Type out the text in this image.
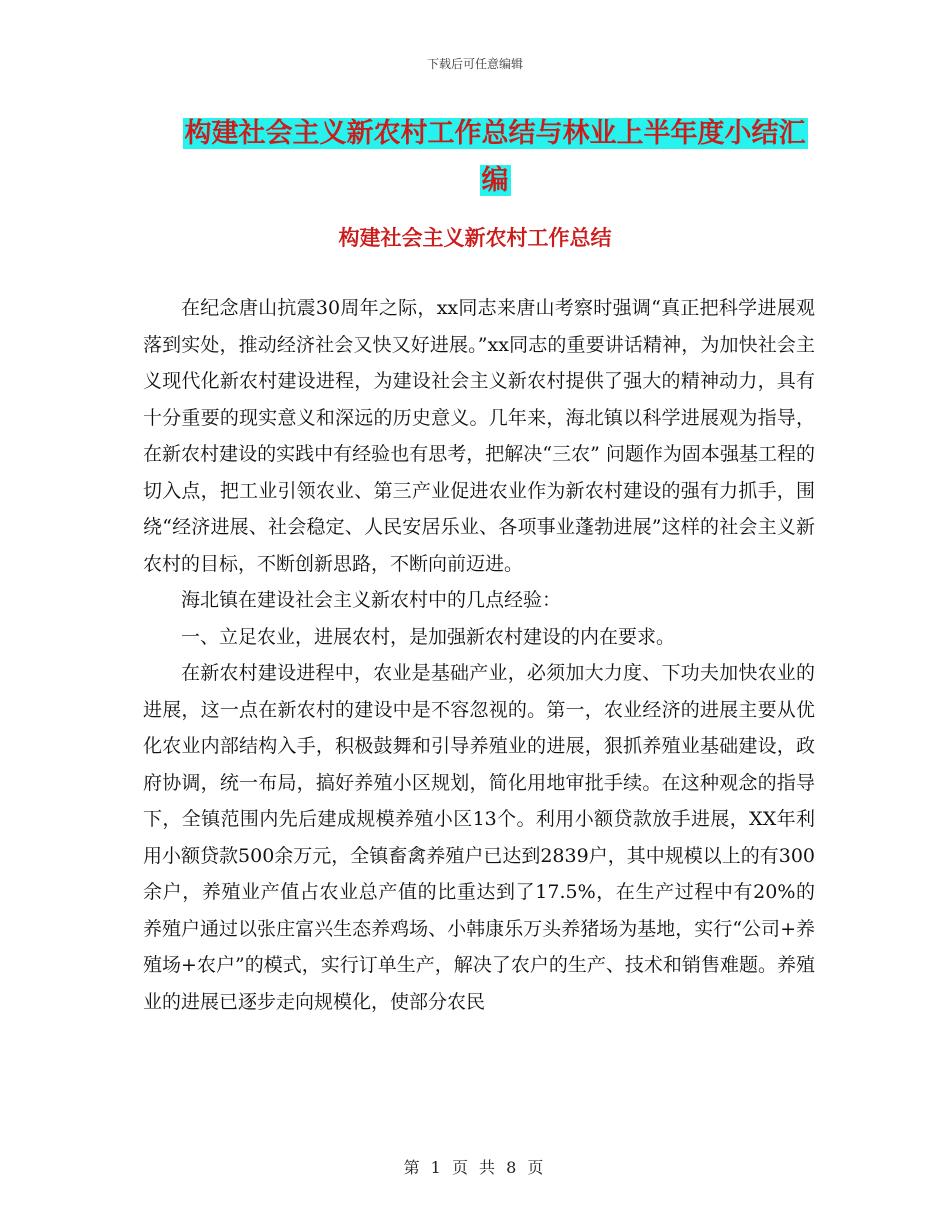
下载后可任意编辑
构建社会主义新农村工作总结与林业上半年度小结汇
编
构建社会主义新农村工作总结

在纪念唐山抗震30周年之际，xx同志来唐山考察时强调“真正把科学进展观落到实处，推动经济社会又快又好进展。”xx同志的重要讲话精神，为加快社会主义现代化新农村建设进程，为建设社会主义新农村提供了强大的精神动力，具有十分重要的现实意义和深远的历史意义。几年来，海北镇以科学进展观为指导，在新农村建设的实践中有经验也有思考，把解决“三农” 问题作为固本强基工程的切入点，把工业引领农业、第三产业促进农业作为新农村建设的强有力抓手，围绕“经济进展、社会稳定、人民安居乐业、各项事业蓬勃进展”这样的社会主义新农村的目标，不断创新思路，不断向前迈进。

海北镇在建设社会主义新农村中的几点经验：

一、立足农业，进展农村，是加强新农村建设的内在要求。

在新农村建设进程中，农业是基础产业，必须加大力度、下功夫加快农业的进展，这一点在新农村的建设中是不容忽视的。第一，农业经济的进展主要从优化农业内部结构入手，积极鼓舞和引导养殖业的进展，狠抓养殖业基础建设，政府协调，统一布局，搞好养殖小区规划，简化用地审批手续。在这种观念的指导下，全镇范围内先后建成规模养殖小区13个。利用小额贷款放手进展，XX年利用小额贷款500余万元，全镇畜禽养殖户已达到2839户，其中规模以上的有300余户，养殖业产值占农业总产值的比重达到了17.5%，在生产过程中有20%的养殖户通过以张庄富兴生态养鸡场、小韩康乐万头养猪场为基地，实行“公司+养殖场+农户”的模式，实行订单生产，解决了农户的生产、技术和销售难题。养殖业的进展已逐步走向规模化，使部分农民

第 1 页 共 8 页
